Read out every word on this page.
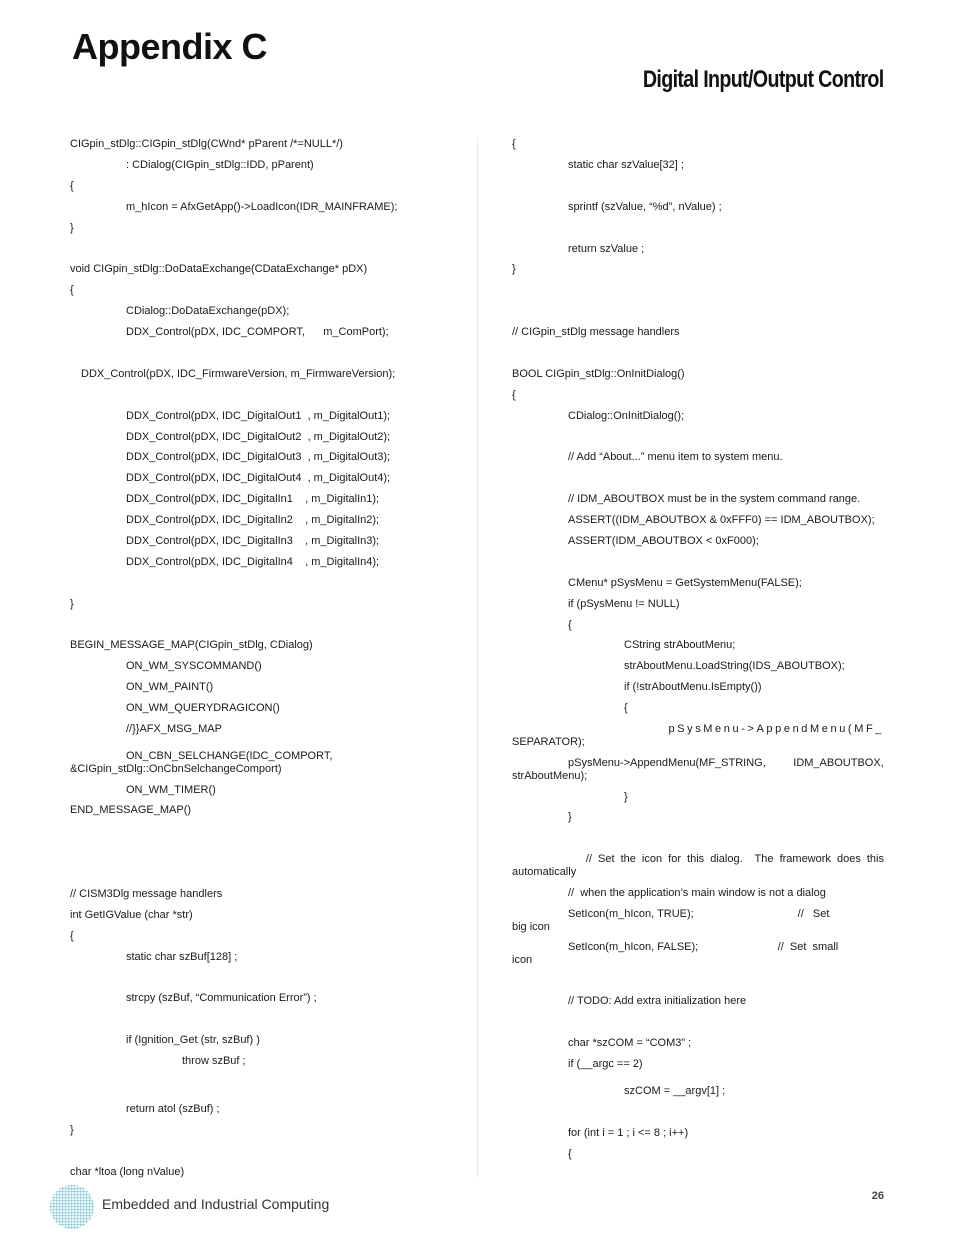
Appendix C
Digital Input/Output Control
CIGpin_stDlg::CIGpin_stDlg(CWnd* pParent /*=NULL*/)
: CDialog(CIGpin_stDlg::IDD, pParent)
{
m_hIcon = AfxGetApp()->LoadIcon(IDR_MAINFRAME);
}
void CIGpin_stDlg::DoDataExchange(CDataExchange* pDX)
{
CDialog::DoDataExchange(pDX);
DDX_Control(pDX, IDC_COMPORT,      m_ComPort);
DDX_Control(pDX, IDC_FirmwareVersion, m_FirmwareVersion);
DDX_Control(pDX, IDC_DigitalOut1  , m_DigitalOut1);
DDX_Control(pDX, IDC_DigitalOut2  , m_DigitalOut2);
DDX_Control(pDX, IDC_DigitalOut3  , m_DigitalOut3);
DDX_Control(pDX, IDC_DigitalOut4  , m_DigitalOut4);
DDX_Control(pDX, IDC_DigitalIn1    , m_DigitalIn1);
DDX_Control(pDX, IDC_DigitalIn2    , m_DigitalIn2);
DDX_Control(pDX, IDC_DigitalIn3    , m_DigitalIn3);
DDX_Control(pDX, IDC_DigitalIn4    , m_DigitalIn4);
}
BEGIN_MESSAGE_MAP(CIGpin_stDlg, CDialog)
ON_WM_SYSCOMMAND()
ON_WM_PAINT()
ON_WM_QUERYDRAGICON()
//}}AFX_MSG_MAP
ON_CBN_SELCHANGE(IDC_COMPORT, &CIGpin_stDlg::OnCbnSelchangeComport)
ON_WM_TIMER()
END_MESSAGE_MAP()
// CISM3Dlg message handlers
int GetIGValue (char *str)
{
static char szBuf[128] ;
strcpy (szBuf, “Communication Error”) ;
if (Ignition_Get (str, szBuf) )
throw szBuf ;
return atol (szBuf) ;
}
char *ltoa (long nValue)
{
static char szValue[32] ;
sprintf (szValue, “%d”, nValue) ;
return szValue ;
}
// CIGpin_stDlg message handlers
BOOL CIGpin_stDlg::OnInitDialog()
{
CDialog::OnInitDialog();
// Add “About...” menu item to system menu.
// IDM_ABOUTBOX must be in the system command range.
ASSERT((IDM_ABOUTBOX & 0xFFF0) == IDM_ABOUTBOX);
ASSERT(IDM_ABOUTBOX < 0xF000);
CMenu* pSysMenu = GetSystemMenu(FALSE);
if (pSysMenu != NULL)
{
CString strAboutMenu;
strAboutMenu.LoadString(IDS_ABOUTBOX);
if (!strAboutMenu.IsEmpty())
{
pSysMenu->AppendMenu(MF_
SEPARATOR);
pSysMenu->AppendMenu(MF_STRING,         IDM_ABOUTBOX,
strAboutMenu);
}
}
// Set the icon for this dialog.  The framework does this
automatically
//  when the application’s main window is not a dialog
SetIcon(m_hIcon, TRUE);                                  //   Set
big icon
SetIcon(m_hIcon, FALSE);                          //  Set  small
icon
// TODO: Add extra initialization here
char *szCOM = “COM3” ;
if (__argc == 2)
szCOM = __argv[1] ;
for (int i = 1 ; i <= 8 ; i++)
{
Embedded and Industrial Computing	26
